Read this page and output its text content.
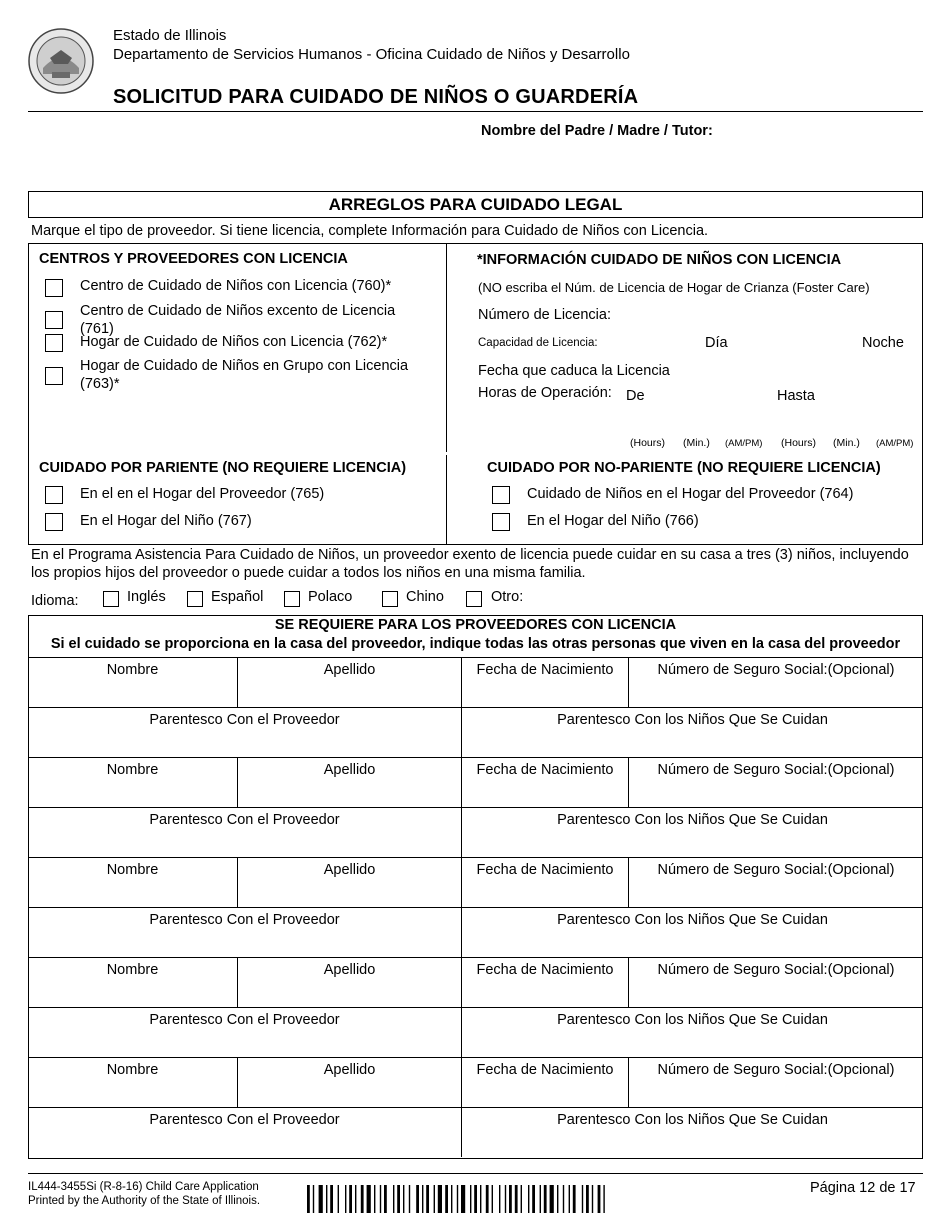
Estado de Illinois
Departamento de Servicios Humanos - Oficina Cuidado de Niños y Desarrollo
SOLICITUD PARA CUIDADO DE NIÑOS O GUARDERÍA
Nombre del Padre / Madre / Tutor:
ARREGLOS PARA CUIDADO LEGAL
Marque el tipo de proveedor. Si tiene licencia, complete Información para Cuidado de Niños con Licencia.
CENTROS Y PROVEEDORES CON LICENCIA
Centro de Cuidado de Niños con Licencia (760)*
Centro de Cuidado de Niños excento de Licencia (761)
Hogar de Cuidado de Niños con Licencia (762)*
Hogar de Cuidado de Niños en Grupo con Licencia (763)*
*INFORMACIÓN CUIDADO DE NIÑOS CON LICENCIA
(NO escriba el Núm. de Licencia de Hogar de Crianza (Foster Care)
Número de Licencia:
Capacidad de Licencia:	Día	Noche
Fecha que caduca la Licencia
Horas de Operación: De	Hasta
(Hours) (Min.) (AM/PM) (Hours) (Min.) (AM/PM)
CUIDADO POR PARIENTE (NO REQUIERE LICENCIA)
En el en el Hogar del Proveedor (765)
En el Hogar del Niño (767)
CUIDADO POR NO-PARIENTE (NO REQUIERE LICENCIA)
Cuidado de Niños en el Hogar del Proveedor (764)
En el Hogar del Niño (766)
En el Programa Asistencia Para Cuidado de Niños, un proveedor exento de licencia puede cuidar en su casa a tres (3) niños, incluyendo los propios hijos del proveedor o puede cuidar a todos los niños en una misma familia.
Idioma:	Inglés	Español	Polaco	Chino	Otro:
SE REQUIERE PARA LOS PROVEEDORES CON LICENCIA
Si el cuidado se proporciona en la casa del proveedor, indique todas las otras personas que viven en la casa del proveedor
Nombre	Apellido	Fecha de Nacimiento	Número de Seguro Social:(Opcional)
Parentesco Con el Proveedor	Parentesco Con los Niños Que Se Cuidan
Nombre	Apellido	Fecha de Nacimiento	Número de Seguro Social:(Opcional)
Parentesco Con el Proveedor	Parentesco Con los Niños Que Se Cuidan
Nombre	Apellido	Fecha de Nacimiento	Número de Seguro Social:(Opcional)
Parentesco Con el Proveedor	Parentesco Con los Niños Que Se Cuidan
Nombre	Apellido	Fecha de Nacimiento	Número de Seguro Social:(Opcional)
Parentesco Con el Proveedor	Parentesco Con los Niños Que Se Cuidan
Nombre	Apellido	Fecha de Nacimiento	Número de Seguro Social:(Opcional)
Parentesco Con el Proveedor	Parentesco Con los Niños Que Se Cuidan
IL444-3455Si (R-8-16) Child Care Application
Printed by the Authority of the State of Illinois.
Página 12 de 17
